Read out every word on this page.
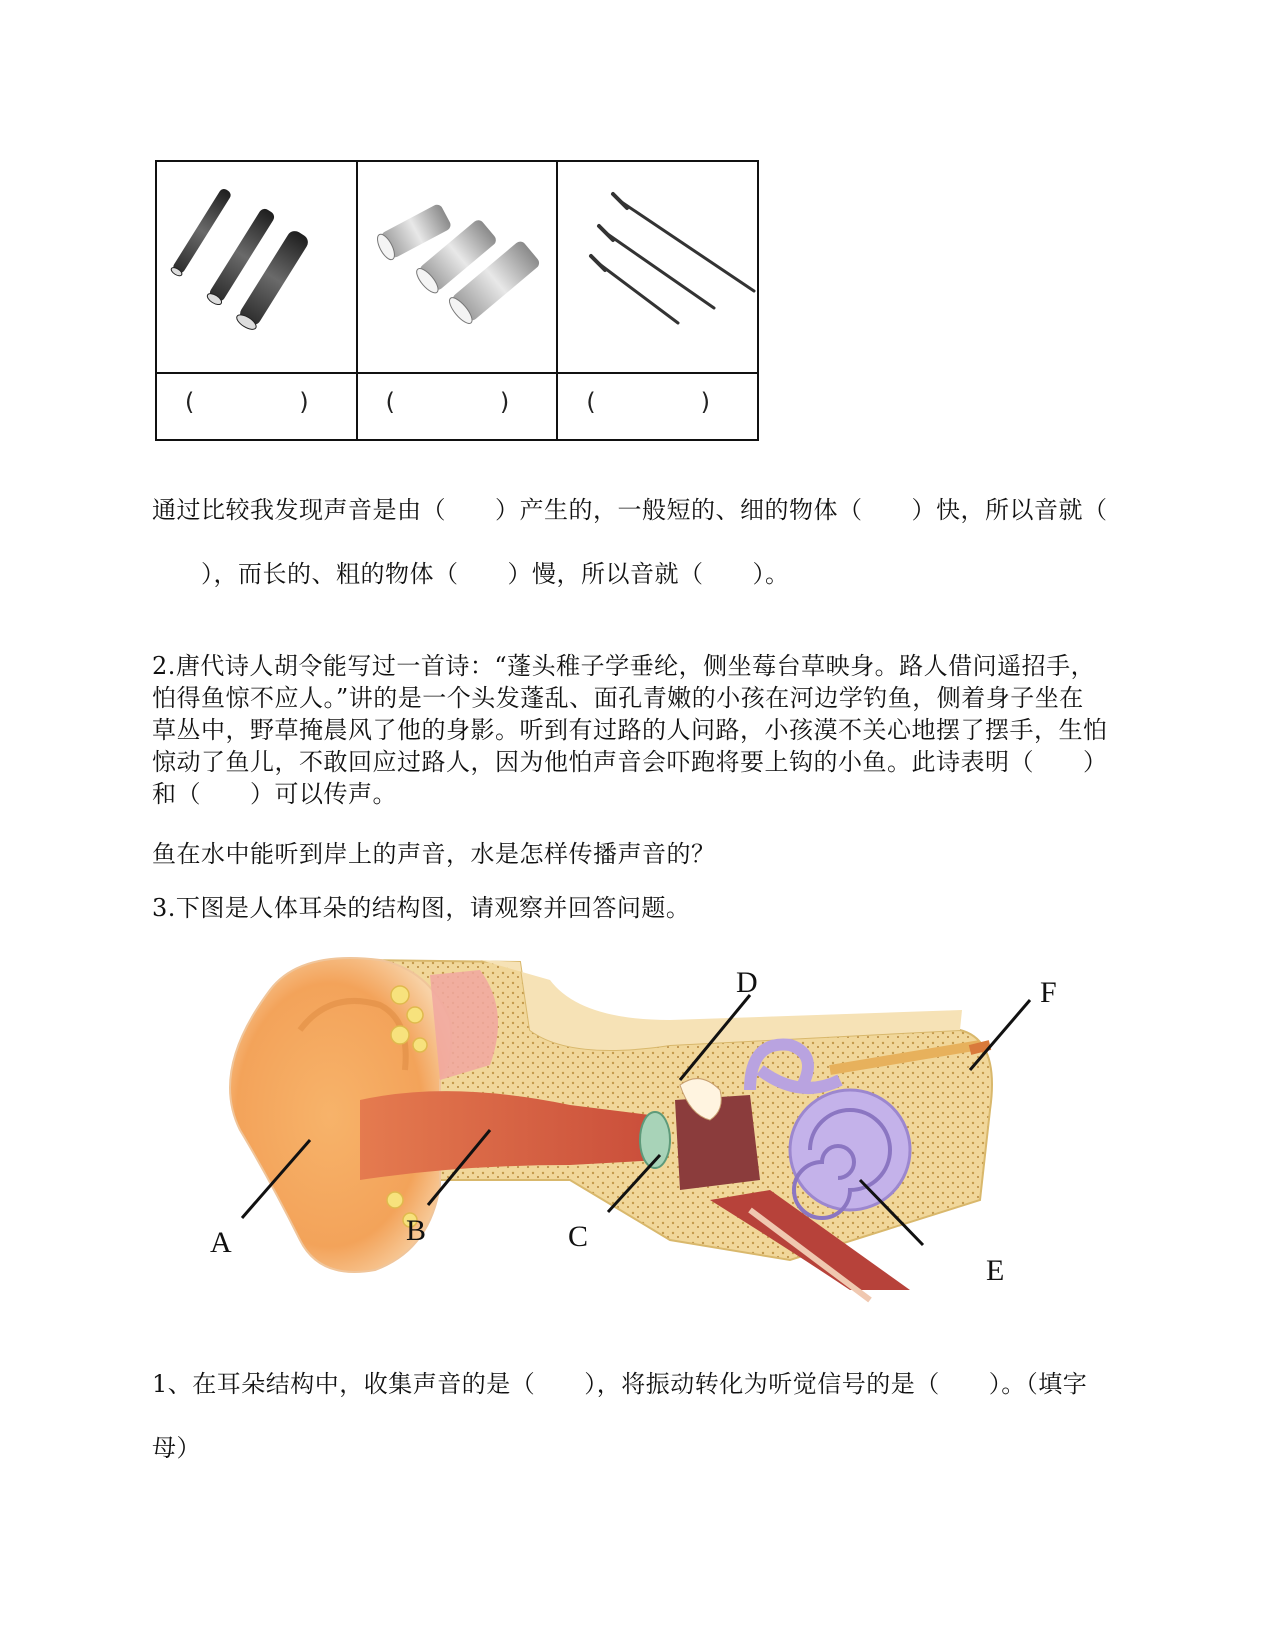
(      )	(      )	(      )
通过比较我发现声音是由（　　）产生的，一般短的、细的物体（　　）快，所以音就（
　　），而长的、粗的物体（　　）慢，所以音就（　　）。
2.唐代诗人胡令能写过一首诗：“蓬头稚子学垂纶，侧坐莓台草映身。路人借问遥招手，
怕得鱼惊不应人。”讲的是一个头发蓬乱、面孔青嫩的小孩在河边学钓鱼，侧着身子坐在
草丛中，野草掩晨风了他的身影。听到有过路的人问路，小孩漠不关心地摆了摆手，生怕
惊动了鱼儿，不敢回应过路人，因为他怕声音会吓跑将要上钩的小鱼。此诗表明（　　）
和（　　）可以传声。
鱼在水中能听到岸上的声音，水是怎样传播声音的？
3.下图是人体耳朵的结构图，请观察并回答问题。
A	B	C
D
E
F
1、在耳朵结构中，收集声音的是（　　），将振动转化为听觉信号的是（　　）。（填字
母）
